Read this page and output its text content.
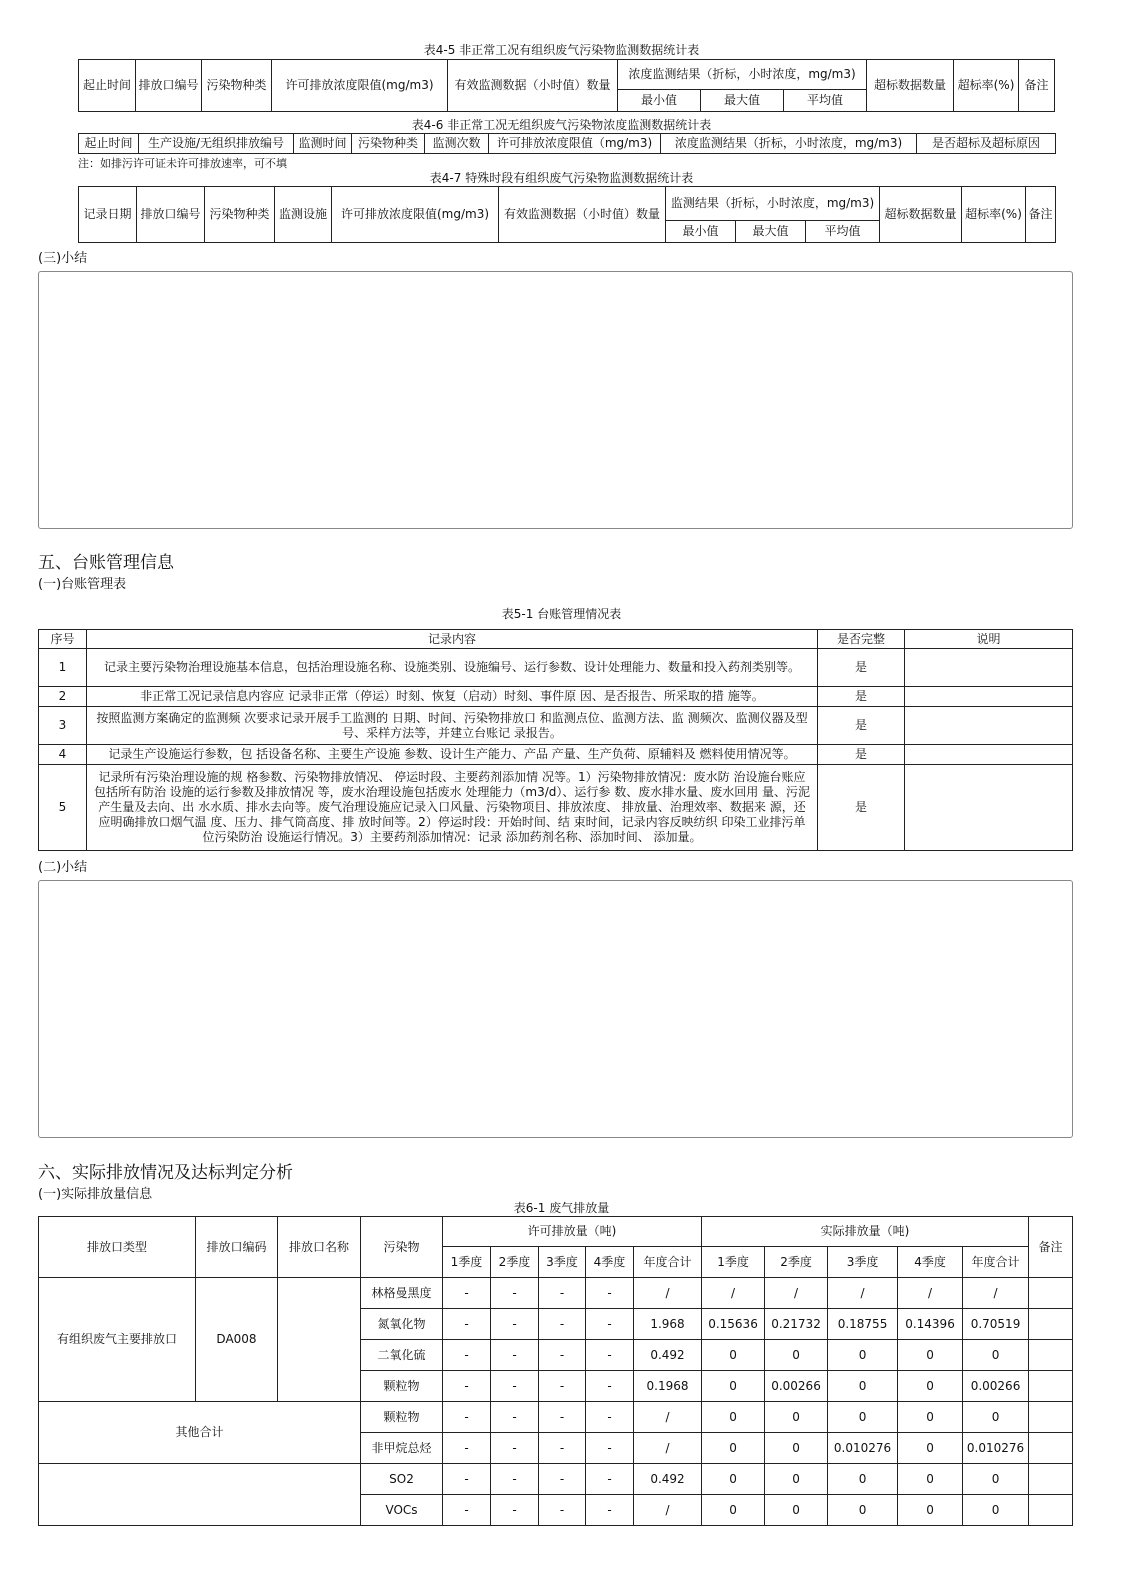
表4-5 非正常工况有组织废气污染物监测数据统计表
起止时间	排放口编号	污染物种类	许可排放浓度限值(mg/m3)	有效监测数据（小时值）数量	浓度监测结果（折标，小时浓度，mg/m3)			超标数据数量	超标率(%)	备注
					最小值	最大值	平均值			
表4-6 非正常工况无组织废气污染物浓度监测数据统计表
起止时间	生产设施/无组织排放编号	监测时间	污染物种类	监测次数	许可排放浓度限值（mg/m3)	浓度监测结果（折标，小时浓度，mg/m3)	是否超标及超标原因
注：如排污许可证未许可排放速率，可不填
表4-7 特殊时段有组织废气污染物监测数据统计表
记录日期	排放口编号	污染物种类	监测设施	许可排放浓度限值(mg/m3)	有效监测数据（小时值）数量	监测结果（折标，小时浓度，mg/m3)			超标数据数量	超标率(%)	备注
						最小值	最大值	平均值			
(三)小结
五、台账管理信息
(一)台账管理表
表5-1 台账管理情况表
序号	记录内容	是否完整	说明
1	记录主要污染物治理设施基本信息，包括治理设施名称、设施类别、设施编号、运行参数、设计处理能力、数量和投入药剂类别等。	是	
2	非正常工况记录信息内容应 记录非正常（停运）时刻、恢复（启动）时刻、事件原 因、是否报告、所采取的措 施等。	是	
3	按照监测方案确定的监测频 次要求记录开展手工监测的 日期、时间、污染物排放口 和监测点位、监测方法、监 测频次、监测仪器及型号、采样方法等，并建立台账记 录报告。	是	
4	记录生产设施运行参数，包 括设备名称、主要生产设施 参数、设计生产能力、产品 产量、生产负荷、原辅料及 燃料使用情况等。	是	
5	记录所有污染治理设施的规 格参数、污染物排放情况、 停运时段、主要药剂添加情 况等。1）污染物排放情况：废水防 治设施台账应包括所有防治 设施的运行参数及排放情况 等，废水治理设施包括废水 处理能力（m3/d）、运行参 数、废水排水量、废水回用 量、污泥产生量及去向、出 水水质、排水去向等。废气治理设施应记录入口风量、污染物项目、排放浓度、 排放量、治理效率、数据来 源，还应明确排放口烟气温 度、压力、排气筒高度、排 放时间等。2）停运时段：开始时间、结 束时间，记录内容反映纺织 印染工业排污单位污染防治 设施运行情况。3）主要药剂添加情况：记录 添加药剂名称、添加时间、 添加量。	是	
(二)小结
六、实际排放情况及达标判定分析
(一)实际排放量信息
表6-1 废气排放量
排放口类型	排放口编码	排放口名称	污染物	许可排放量（吨)					实际排放量（吨)					备注
				1季度	2季度	3季度	4季度	年度合计	1季度	2季度	3季度	4季度	年度合计	
有组织废气主要排放口	DA008		林格曼黑度	-	-	-	-	/	/	/	/	/	/	
			氮氧化物	-	-	-	-	1.968	0.15636	0.21732	0.18755	0.14396	0.70519	
			二氧化硫	-	-	-	-	0.492	0	0	0	0	0	
			颗粒物	-	-	-	-	0.1968	0	0.00266	0	0	0.00266	
其他合计			颗粒物	-	-	-	-	/	0	0	0	0	0	
			非甲烷总烃	-	-	-	-	/	0	0	0.010276	0	0.010276	
			SO2	-	-	-	-	0.492	0	0	0	0	0	
			VOCs	-	-	-	-	/	0	0	0	0	0	
